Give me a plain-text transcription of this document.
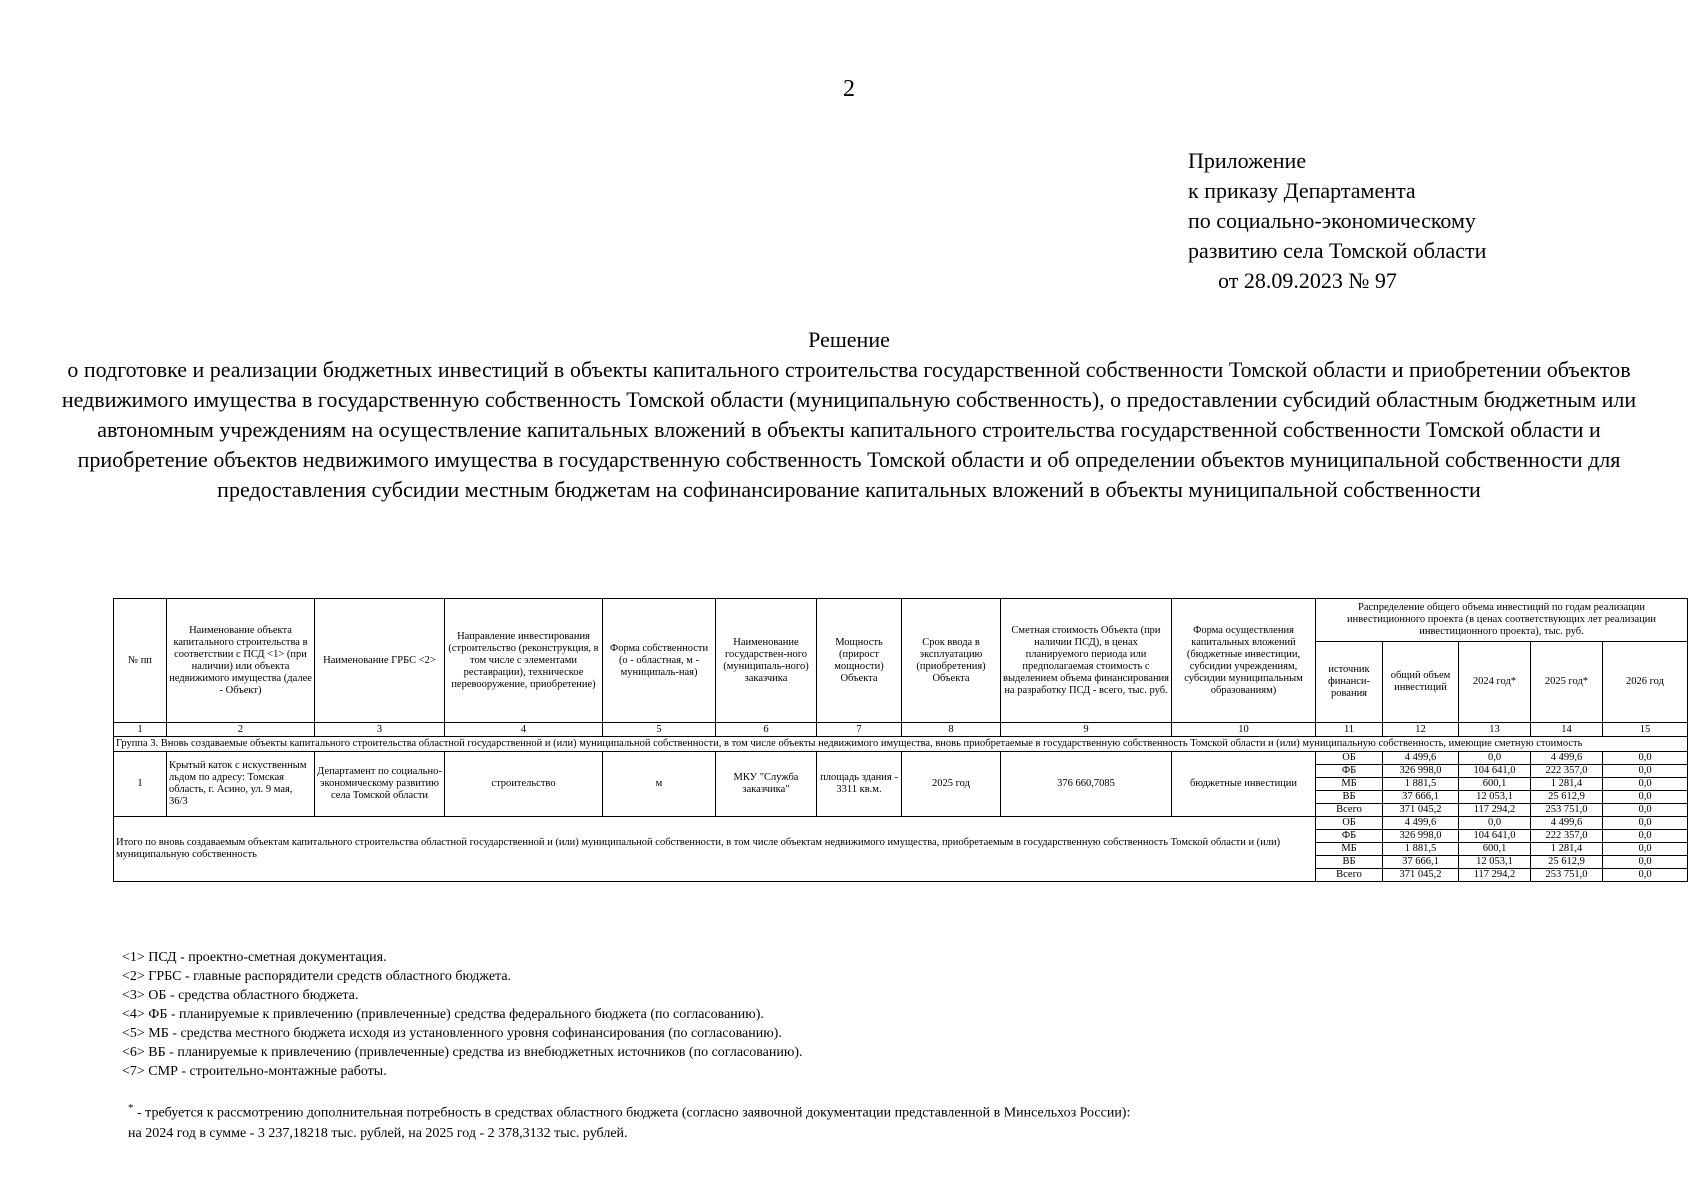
2
Приложение
к приказу Департамента
по социально-экономическому
развитию села Томской области
от 28.09.2023 № 97
Решение
о подготовке и реализации бюджетных инвестиций в объекты капитального строительства государственной собственности Томской области и приобретении объектов недвижимого имущества в государственную собственность Томской области (муниципальную собственность), о предоставлении субсидий областным бюджетным или автономным учреждениям на осуществление капитальных вложений в объекты капитального строительства государственной собственности Томской области и приобретение объектов недвижимого имущества в государственную собственность Томской области и об определении объектов муниципальной собственности для предоставления субсидии местным бюджетам на софинансирование капитальных вложений в объекты муниципальной собственности
№ пп	Наименование объекта капитального строительства в соответствии с ПСД <1> (при наличии) или объекта недвижимого имущества (далее - Объект)	Наименование ГРБС <2>	Направление инвестирования (строительство (реконструкция, в том числе с элементами реставрации), техническое перевооружение, приобретение)	Форма собственности (о - областная, м - муниципаль-ная)	Наименование государствен-ного (муниципаль-ного) заказчика	Мощность (прирост мощности) Объекта	Срок ввода в эксплуатацию (приобретения) Объекта	Сметная стоимость Объекта (при наличии ПСД), в ценах планируемого периода или предполагаемая стоимость с выделением объема финансирования на разработку ПСД - всего, тыс. руб.	Форма осуществления капитальных вложений (бюджетные инвестиции, субсидии учреждениям, субсидии муниципальным образованиям)	Распределение общего объема инвестиций по годам реализации инвестиционного проекта (в ценах соответствующих лет реализации инвестиционного проекта), тыс. руб.				
										источник финанси-рования	общий объем инвестиций	2024 год*	2025 год*	2026 год
1	2	3	4	5	6	7	8	9	10	11	12	13	14	15
Группа 3. Вновь создаваемые объекты капитального строительства областной государственной и (или) муниципальной собственности, в том числе объекты недвижимого имущества, вновь приобретаемые в государственную собственность Томской области и (или) муниципальную собственность, имеющие сметную стоимость														
1	Крытый каток с искуственным льдом по адресу: Томская область, г. Асино, ул. 9 мая, 36/3	Департамент по социально-экономическому развитию села Томской области	строительство	м	МКУ "Служба заказчика"	площадь здания - 3311 кв.м.	2025 год	376 660,7085	бюджетные инвестиции	ОБ	4 499,6	0,0	4 499,6	0,0
										ФБ	326 998,0	104 641,0	222 357,0	0,0
										МБ	1 881,5	600,1	1 281,4	0,0
										ВБ	37 666,1	12 053,1	25 612,9	0,0
										Всего	371 045,2	117 294,2	253 751,0	0,0
Итого по вновь создаваемым объектам капитального строительства областной государственной и (или) муниципальной собственности, в том числе объектам недвижимого имущества, приобретаемым в государственную собственность Томской области и (или) муниципальную собственность										ОБ	4 499,6	0,0	4 499,6	0,0
										ФБ	326 998,0	104 641,0	222 357,0	0,0
										МБ	1 881,5	600,1	1 281,4	0,0
										ВБ	37 666,1	12 053,1	25 612,9	0,0
										Всего	371 045,2	117 294,2	253 751,0	0,0
<1> ПСД - проектно-сметная документация.
<2> ГРБС - главные распорядители средств областного бюджета.
<3> ОБ - средства областного бюджета.
<4> ФБ - планируемые к привлечению (привлеченные) средства федерального бюджета (по согласованию).
<5> МБ - средства местного бюджета исходя из установленного уровня софинансирования (по согласованию).
<6> ВБ - планируемые к привлечению (привлеченные) средства из внебюджетных источников (по согласованию).
<7> СМР - строительно-монтажные работы.
* - требуется к рассмотрению дополнительная потребность в средствах областного бюджета (согласно заявочной документации представленной в Минсельхоз России):
на 2024 год в сумме - 3 237,18218 тыс. рублей, на 2025 год - 2 378,3132 тыс. рублей.
